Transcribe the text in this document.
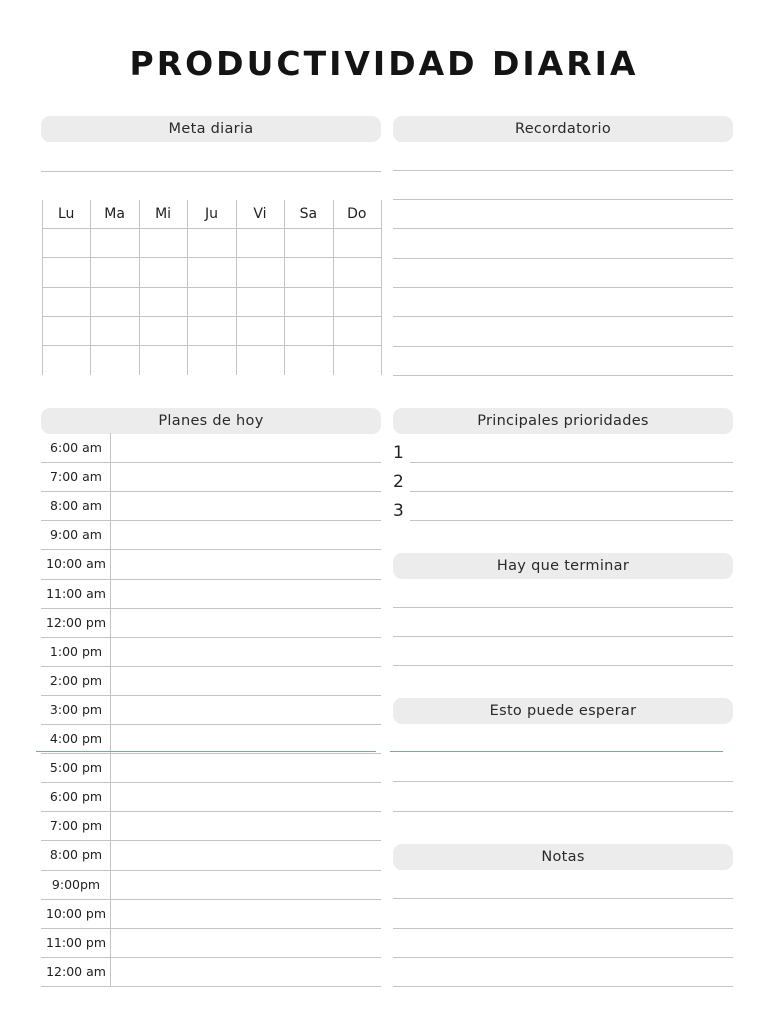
PRODUCTIVIDAD DIARIA
Meta diaria
Lu	Ma	Mi	Ju	Vi	Sa	Do
Recordatorio
Planes de hoy
6:00 am
7:00 am
8:00 am
9:00 am
10:00 am
11:00 am
12:00 pm
1:00 pm
2:00 pm
3:00 pm
4:00 pm
5:00 pm
6:00 pm
7:00 pm
8:00 pm
9:00pm
10:00 pm
11:00 pm
12:00 am
Principales prioridades
1
2
3
Hay que terminar
Esto puede esperar
Notas
